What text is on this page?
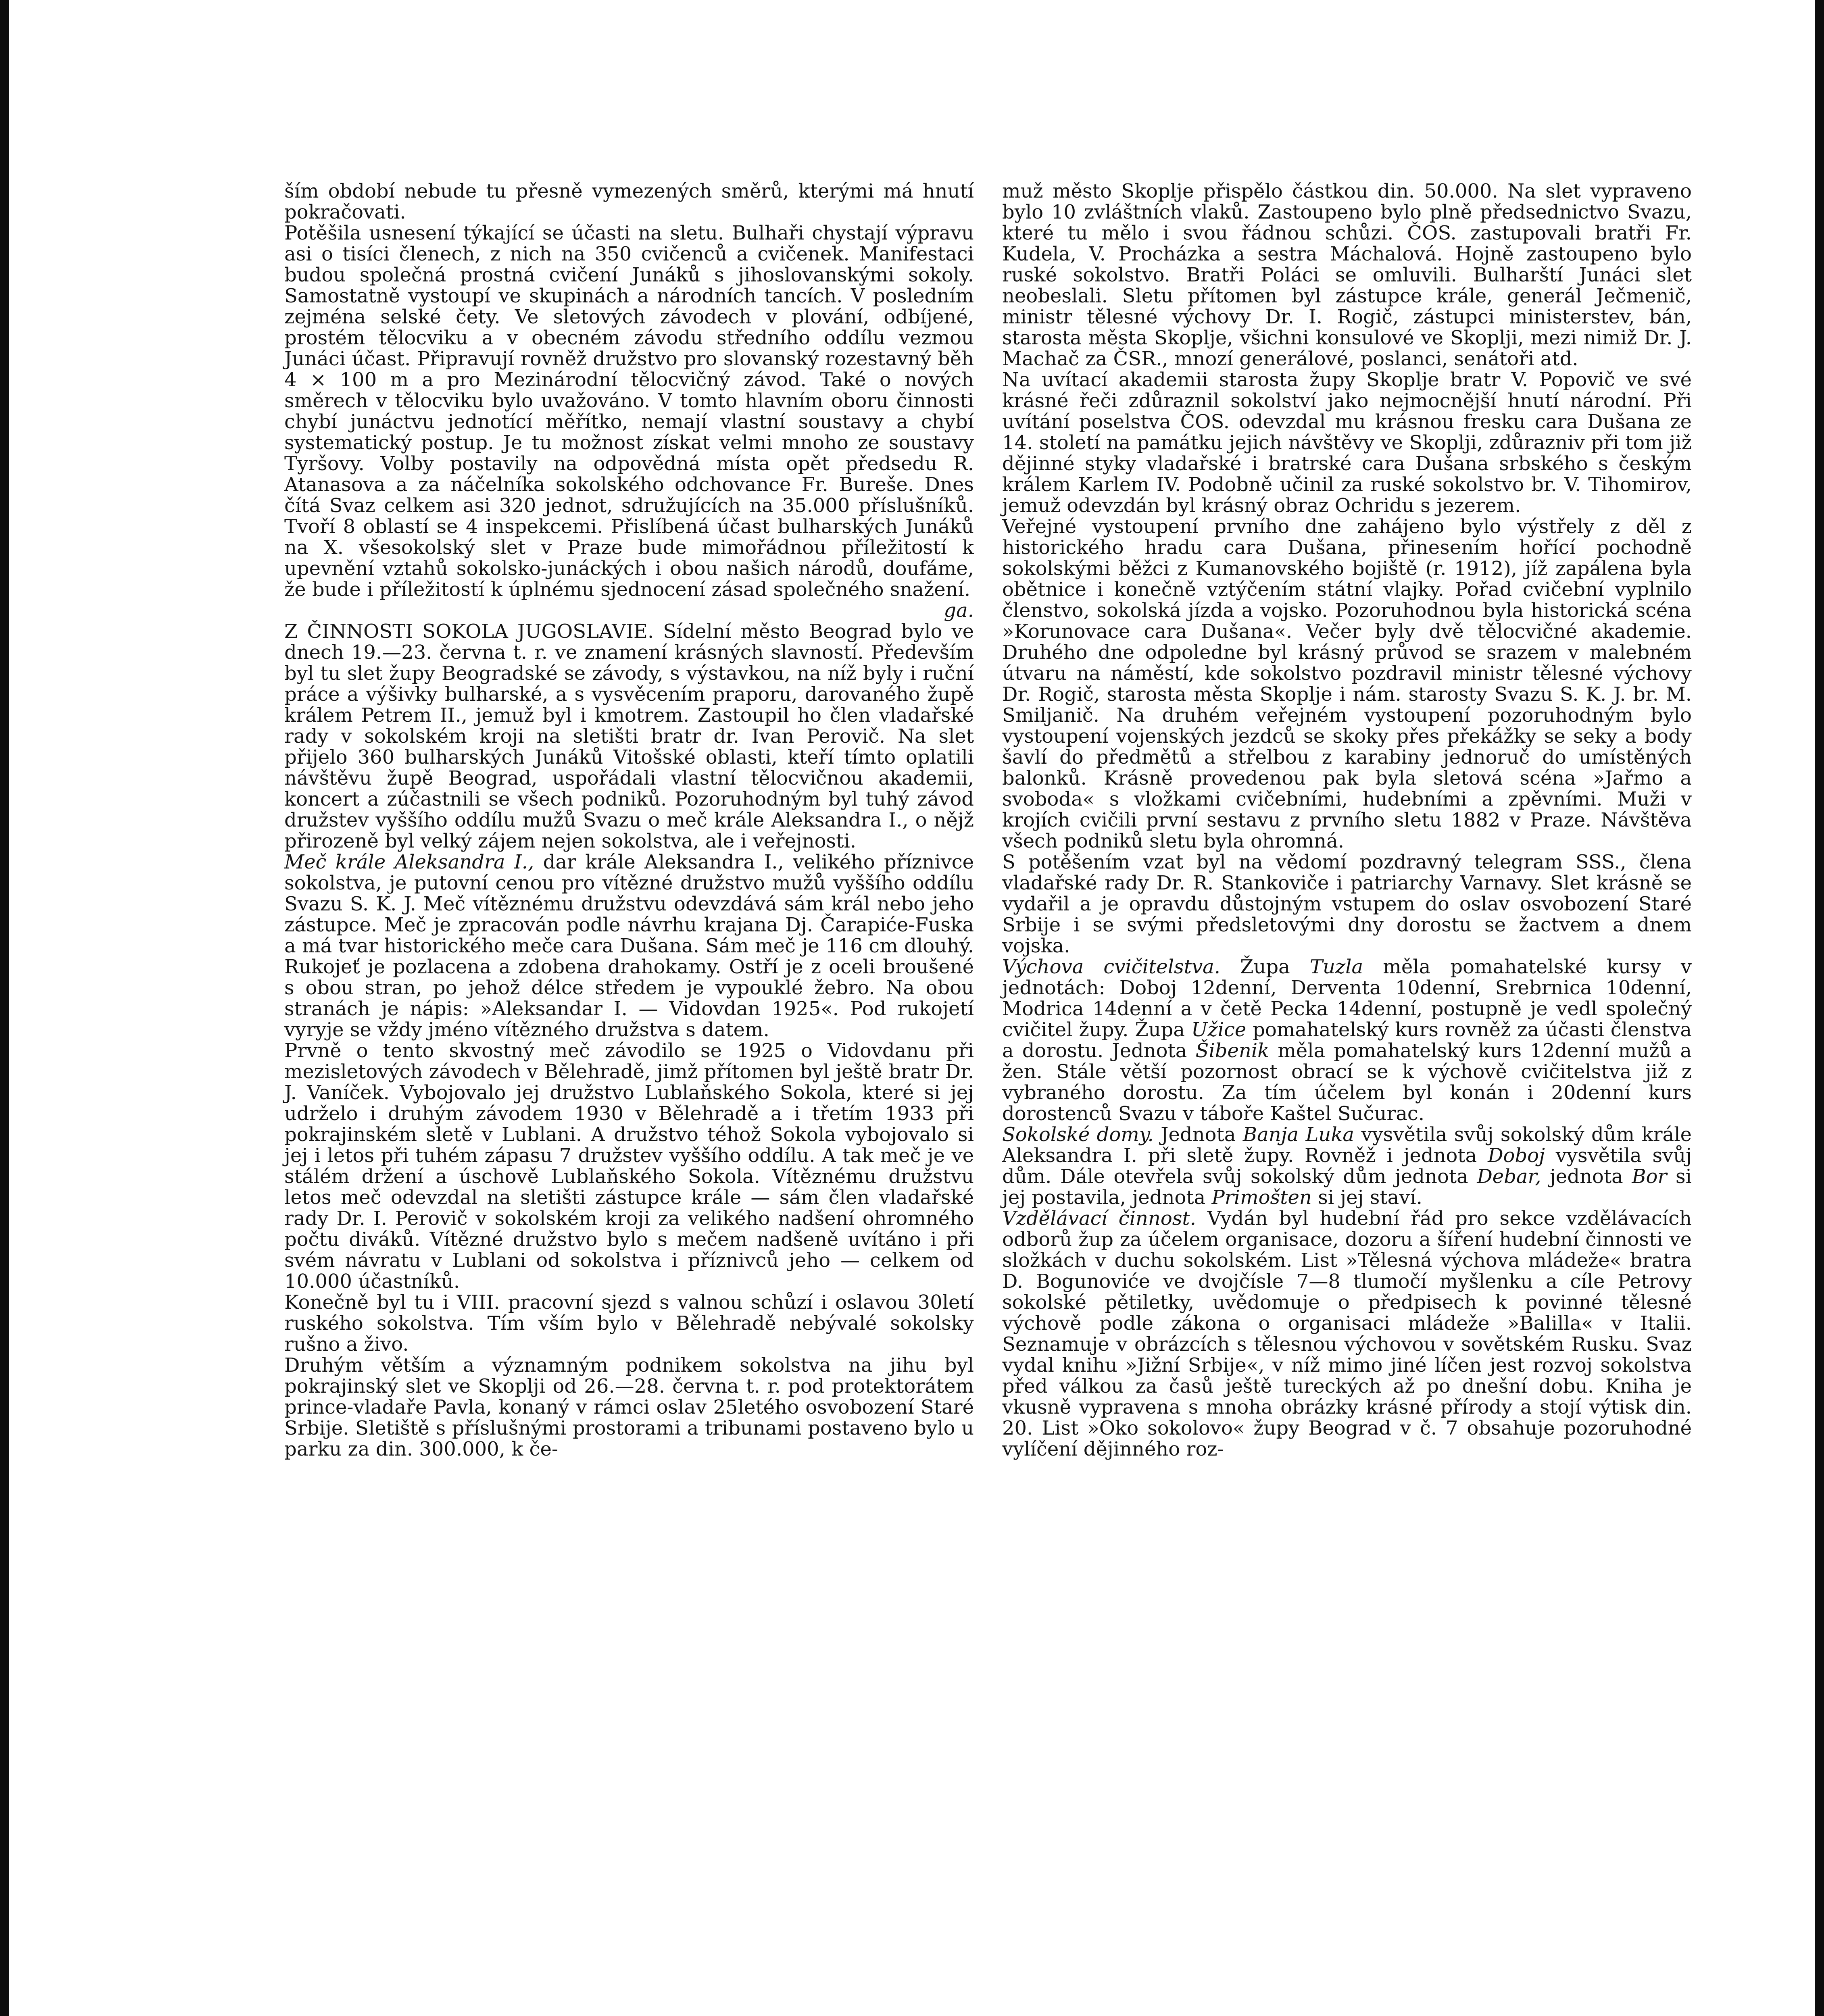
ším období nebude tu přesně vymezených směrů, kterými má hnutí pokračovati.

Potěšila usnesení týkající se účasti na sletu. Bulhaři chystají výpravu asi o tisíci členech, z nich na 350 cvičenců a cvičenek. Manifestaci budou společná prostná cvičení Junáků s jihoslovanskými sokoly. Samostatně vystoupí ve skupinách a národních tancích. V posledním zejména selské čety. Ve sletových závodech v plování, odbíjené, prostém tělocviku a v obecném závodu středního oddílu vezmou Junáci účast. Připravují rovněž družstvo pro slovanský rozestavný běh 4 × 100 m a pro Mezinárodní tělocvičný závod. Také o nových směrech v tělocviku bylo uvažováno. V tomto hlavním oboru činnosti chybí junáctvu jednotící měřítko, nemají vlastní soustavy a chybí systematický postup. Je tu možnost získat velmi mnoho ze soustavy Tyršovy. Volby postavily na odpovědná místa opět předsedu R. Atanasova a za náčelníka sokolského odchovance Fr. Bureše. Dnes čítá Svaz celkem asi 320 jednot, sdružujících na 35.000 příslušníků. Tvoří 8 oblastí se 4 inspekcemi. Přislíbená účast bulharských Junáků na X. všesokolský slet v Praze bude mimořádnou příležitostí k upevnění vztahů sokolsko-junáckých i obou našich národů, doufáme, že bude i příležitostí k úplnému sjednocení zásad společného snažení.

ga.

Z ČINNOSTI SOKOLA JUGOSLAVIE. Sídelní město Beograd bylo ve dnech 19.—23. června t. r. ve znamení krásných slavností. Především byl tu slet župy Beogradské se závody, s výstavkou, na níž byly i ruční práce a výšivky bulharské, a s vysvěcením praporu, darovaného župě králem Petrem II., jemuž byl i kmotrem. Zastoupil ho člen vladařské rady v sokolském kroji na sletišti bratr dr. Ivan Perovič. Na slet přijelo 360 bulharských Junáků Vitošské oblasti, kteří tímto oplatili návštěvu župě Beograd, uspořádali vlastní tělocvičnou akademii, koncert a zúčastnili se všech podniků. Pozoruhodným byl tuhý závod družstev vyššího oddílu mužů Svazu o meč krále Aleksandra I., o nějž přirozeně byl velký zájem nejen sokolstva, ale i veřejnosti.

Meč krále Aleksandra I., dar krále Aleksandra I., velikého příznivce sokolstva, je putovní cenou pro vítězné družstvo mužů vyššího oddílu Svazu S. K. J. Meč vítěznému družstvu odevzdává sám král nebo jeho zástupce. Meč je zpracován podle návrhu krajana Dj. Čarapiće-Fuska a má tvar historického meče cara Dušana. Sám meč je 116 cm dlouhý. Rukojeť je pozlacena a zdobena drahokamy. Ostří je z oceli broušené s obou stran, po jehož délce středem je vypouklé žebro. Na obou stranách je nápis: »Aleksandar I. — Vidovdan 1925«. Pod rukojetí vyryje se vždy jméno vítězného družstva s datem.

Prvně o tento skvostný meč závodilo se 1925 o Vidovdanu při mezisletových závodech v Bělehradě, jimž přítomen byl ještě bratr Dr. J. Vaníček. Vybojovalo jej družstvo Lublaňského Sokola, které si jej udrželo i druhým závodem 1930 v Bělehradě a i třetím 1933 při pokrajinském sletě v Lublani. A družstvo téhož Sokola vybojovalo si jej i letos při tuhém zápasu 7 družstev vyššího oddílu. A tak meč je ve stálém držení a úschově Lublaňského Sokola. Vítěznému družstvu letos meč odevzdal na sletišti zástupce krále — sám člen vladařské rady Dr. I. Perovič v sokolském kroji za velikého nadšení ohromného počtu diváků. Vítězné družstvo bylo s mečem nadšeně uvítáno i při svém návratu v Lublani od sokolstva i příznivců jeho — celkem od 10.000 účastníků.

Konečně byl tu i VIII. pracovní sjezd s valnou schůzí i oslavou 30letí ruského sokolstva. Tím vším bylo v Bělehradě nebývalé sokolsky rušno a živo.

Druhým větším a významným podnikem sokolstva na jihu byl pokrajinský slet ve Skoplji od 26.—28. června t. r. pod protektorátem prince-vladaře Pavla, konaný v rámci oslav 25letého osvobození Staré Srbije. Sletiště s příslušnými prostorami a tribunami postaveno bylo u parku za din. 300.000, k če-

muž město Skoplje přispělo částkou din. 50.000. Na slet vypraveno bylo 10 zvláštních vlaků. Zastoupeno bylo plně předsednictvo Svazu, které tu mělo i svou řádnou schůzi. ČOS. zastupovali bratři Fr. Kudela, V. Procházka a sestra Máchalová. Hojně zastoupeno bylo ruské sokolstvo. Bratři Poláci se omluvili. Bulharští Junáci slet neobeslali. Sletu přítomen byl zástupce krále, generál Ječmenič, ministr tělesné výchovy Dr. I. Rogič, zástupci ministerstev, bán, starosta města Skoplje, všichni konsulové ve Skoplji, mezi nimiž Dr. J. Machač za ČSR., mnozí generálové, poslanci, senátoři atd.

Na uvítací akademii starosta župy Skoplje bratr V. Popovič ve své krásné řeči zdůraznil sokolství jako nejmocnější hnutí národní. Při uvítání poselstva ČOS. odevzdal mu krásnou fresku cara Dušana ze 14. století na památku jejich návštěvy ve Skoplji, zdůrazniv při tom již dějinné styky vladařské i bratrské cara Dušana srbského s českým králem Karlem IV. Podobně učinil za ruské sokolstvo br. V. Tihomirov, jemuž odevzdán byl krásný obraz Ochridu s jezerem.

Veřejné vystoupení prvního dne zahájeno bylo výstřely z děl z historického hradu cara Dušana, přinesením hořící pochodně sokolskými běžci z Kumanovského bojiště (r. 1912), jíž zapálena byla obětnice i konečně vztýčením státní vlajky. Pořad cvičební vyplnilo členstvo, sokolská jízda a vojsko. Pozoruhodnou byla historická scéna »Korunovace cara Dušana«. Večer byly dvě tělocvičné akademie. Druhého dne odpoledne byl krásný průvod se srazem v malebném útvaru na náměstí, kde sokolstvo pozdravil ministr tělesné výchovy Dr. Rogič, starosta města Skoplje i nám. starosty Svazu S. K. J. br. M. Smiljanič. Na druhém veřejném vystoupení pozoruhodným bylo vystoupení vojenských jezdců se skoky přes překážky se seky a body šavlí do předmětů a střelbou z karabiny jednoruč do umístěných balonků. Krásně provedenou pak byla sletová scéna »Jařmo a svoboda« s vložkami cvičebními, hudebními a zpěvními. Muži v krojích cvičili první sestavu z prvního sletu 1882 v Praze. Návštěva všech podniků sletu byla ohromná.

S potěšením vzat byl na vědomí pozdravný telegram SSS., člena vladařské rady Dr. R. Stankoviče i patriarchy Varnavy. Slet krásně se vydařil a je opravdu důstojným vstupem do oslav osvobození Staré Srbije i se svými předsletovými dny dorostu se žactvem a dnem vojska.

Výchova cvičitelstva. Župa Tuzla měla pomahatelské kursy v jednotách: Doboj 12denní, Derventa 10denní, Srebrnica 10denní, Modrica 14denní a v četě Pecka 14denní, postupně je vedl společný cvičitel župy. Župa Užice pomahatelský kurs rovněž za účasti členstva a dorostu. Jednota Šibenik měla pomahatelský kurs 12denní mužů a žen. Stále větší pozornost obrací se k výchově cvičitelstva již z vybraného dorostu. Za tím účelem byl konán i 20denní kurs dorostenců Svazu v táboře Kaštel Sučurac.

Sokolské domy. Jednota Banja Luka vysvětila svůj sokolský dům krále Aleksandra I. při sletě župy. Rovněž i jednota Doboj vysvětila svůj dům. Dále otevřela svůj sokolský dům jednota Debar, jednota Bor si jej postavila, jednota Primošten si jej staví.

Vzdělávací činnost. Vydán byl hudební řád pro sekce vzdělávacích odborů žup za účelem organisace, dozoru a šíření hudební činnosti ve složkách v duchu sokolském. List »Tělesná výchova mládeže« bratra D. Bogunoviće ve dvojčísle 7—8 tlumočí myšlenku a cíle Petrovy sokolské pětiletky, uvědomuje o předpisech k povinné tělesné výchově podle zákona o organisaci mládeže »Balilla« v Italii. Seznamuje v obrázcích s tělesnou výchovou v sovětském Rusku. Svaz vydal knihu »Jižní Srbije«, v níž mimo jiné líčen jest rozvoj sokolstva před válkou za časů ještě tureckých až po dnešní dobu. Kniha je vkusně vypravena s mnoha obrázky krásné přírody a stojí výtisk din. 20. List »Oko sokolovo« župy Beograd v č. 7 obsahuje pozoruhodné vylíčení dějinného roz-
